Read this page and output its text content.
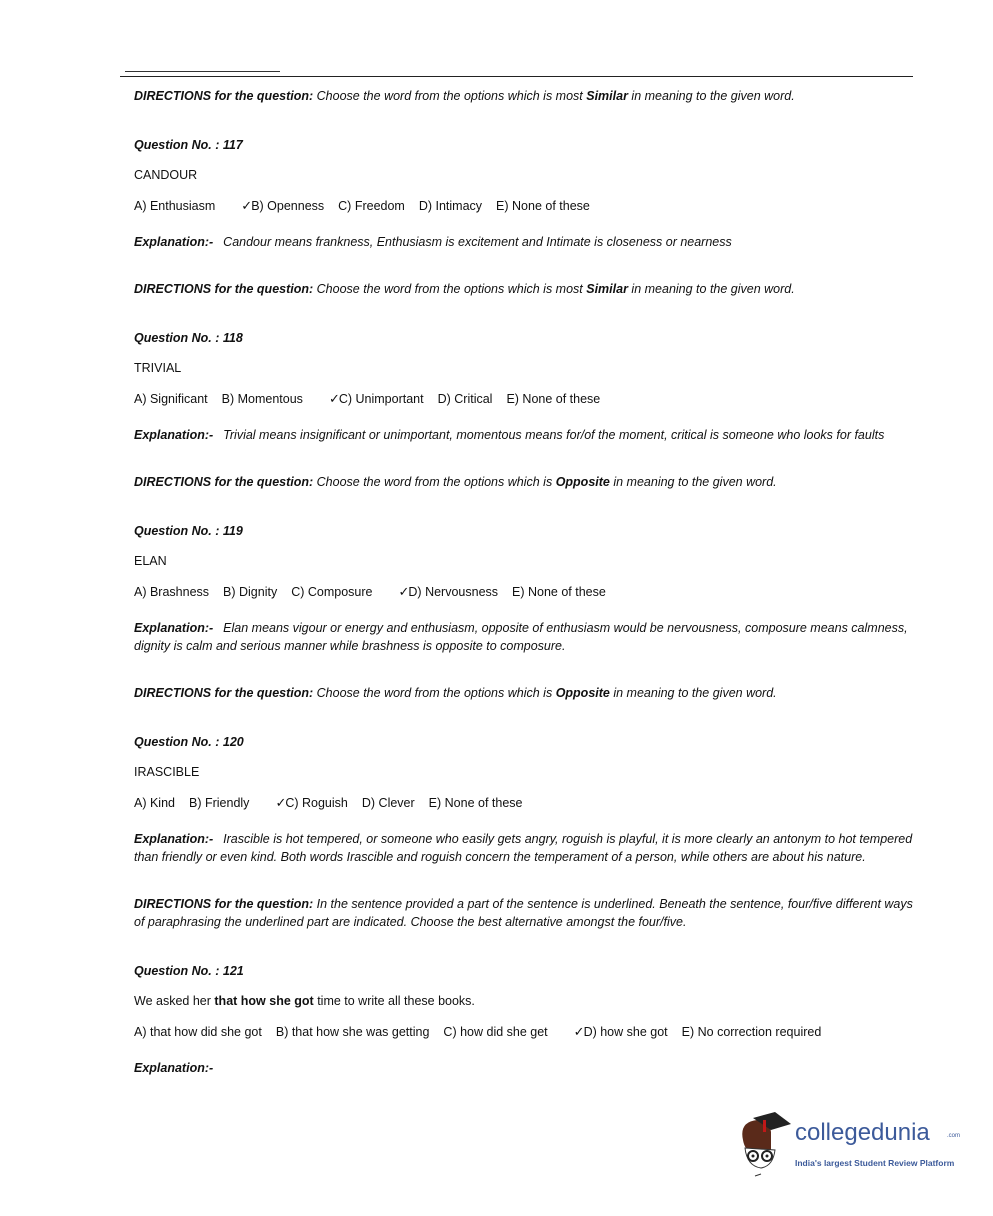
DIRECTIONS for the question: Choose the word from the options which is most Similar in meaning to the given word.
Question No. : 117
CANDOUR
A) Enthusiasm ✓B) Openness C) Freedom D) Intimacy E) None of these
Explanation:- Candour means frankness, Enthusiasm is excitement and Intimate is closeness or nearness
DIRECTIONS for the question: Choose the word from the options which is most Similar in meaning to the given word.
Question No. : 118
TRIVIAL
A) Significant B) Momentous ✓C) Unimportant D) Critical E) None of these
Explanation:- Trivial means insignificant or unimportant, momentous means for/of the moment, critical is someone who looks for faults
DIRECTIONS for the question: Choose the word from the options which is Opposite in meaning to the given word.
Question No. : 119
ELAN
A) Brashness B) Dignity C) Composure ✓D) Nervousness E) None of these
Explanation:- Elan means vigour or energy and enthusiasm, opposite of enthusiasm would be nervousness, composure means calmness, dignity is calm and serious manner while brashness is opposite to composure.
DIRECTIONS for the question: Choose the word from the options which is Opposite in meaning to the given word.
Question No. : 120
IRASCIBLE
A) Kind B) Friendly ✓C) Roguish D) Clever E) None of these
Explanation:- Irascible is hot tempered, or someone who easily gets angry, roguish is playful, it is more clearly an antonym to hot tempered than friendly or even kind. Both words Irascible and roguish concern the temperament of a person, while others are about his nature.
DIRECTIONS for the question: In the sentence provided a part of the sentence is underlined. Beneath the sentence, four/five different ways of paraphrasing the underlined part are indicated. Choose the best alternative amongst the four/five.
Question No. : 121
We asked her that how she got time to write all these books.
A) that how did she got B) that how she was getting C) how did she get ✓D) how she got E) No correction required
Explanation:-
collegedunia	.com
India's largest Student Review Platform
